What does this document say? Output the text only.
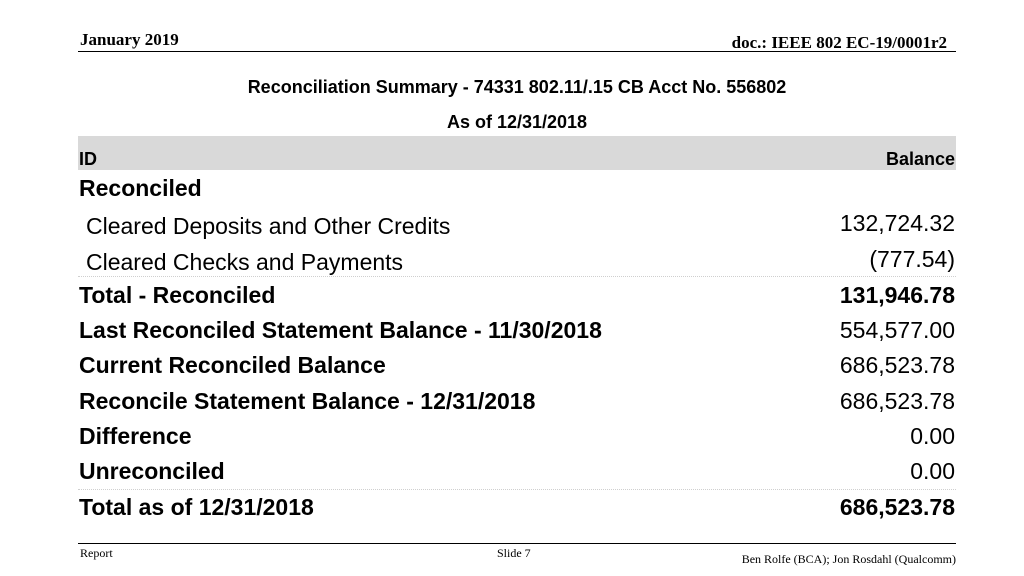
January 2019	doc.: IEEE 802 EC-19/0001r2
Reconciliation Summary - 74331 802.11/.15 CB Acct No. 556802
As of 12/31/2018
ID	Balance
Reconciled
Cleared Deposits and Other Credits	132,724.32
Cleared Checks and Payments	(777.54)
Total - Reconciled	131,946.78
Last Reconciled Statement Balance - 11/30/2018	554,577.00
Current Reconciled Balance	686,523.78
Reconcile Statement Balance - 12/31/2018	686,523.78
Difference	0.00
Unreconciled	0.00
Total as of 12/31/2018	686,523.78
Report	Slide 7	Ben Rolfe (BCA); Jon Rosdahl (Qualcomm)
